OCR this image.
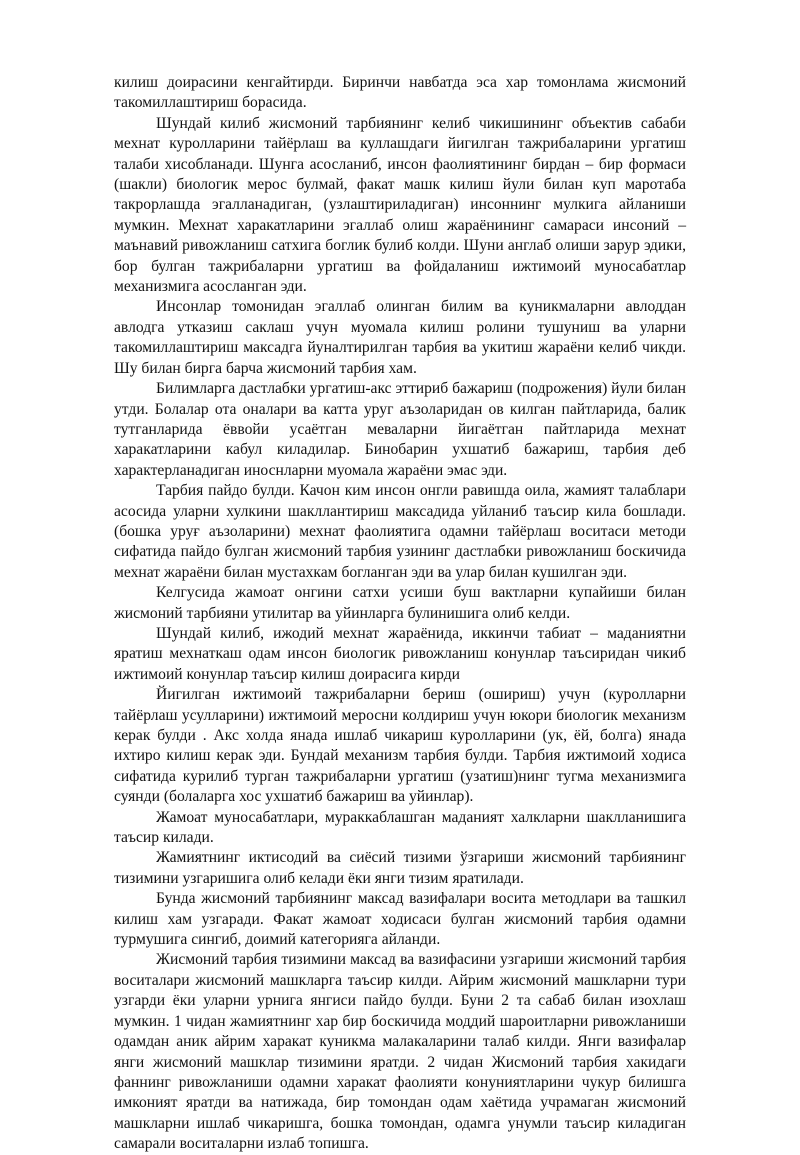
килиш доирасини кенгайтирди. Биринчи навбатда эса хар томонлама жисмоний такомиллаштириш борасида.

Шундай килиб жисмоний тарбиянинг келиб чикишининг объектив сабаби мехнат куролларини тайёрлаш ва куллашдаги йигилган тажрибаларини ургатиш талаби хисобланади. Шунга асосланиб, инсон фаолиятининг бирдан – бир формаси (шакли) биологик мерос булмай, факат машк килиш йули билан куп маротаба такрорлашда эгалланадиган, (узлаштириладиган) инсоннинг мулкига айланиши мумкин. Мехнат харакатларини эгаллаб олиш жараёнининг самараси инсоний – маънавий ривожланиш сатхига боглик булиб колди. Шуни англаб олиши зарур эдики, бор булган тажрибаларни ургатиш ва фойдаланиш ижтимоий муносабатлар механизмига асосланган эди.

Инсонлар томонидан эгаллаб олинган билим ва куникмаларни авлоддан авлодга утказиш саклаш учун муомала килиш ролини тушуниш ва уларни такомиллаштириш максадга йуналтирилган тарбия ва укитиш жараёни келиб чикди. Шу билан бирга барча жисмоний тарбия хам.

Билимларга дастлабки ургатиш-акс эттириб бажариш (подрожения) йули билан утди. Болалар ота оналари ва катта уруг аъзоларидан ов килган пайтларида, балик тутганларида ёввойи усаётган меваларни йигаётган пайтларида мехнат харакатларини кабул киладилар. Бинобарин ухшатиб бажариш, тарбия деб характерланадиган иноснларни муомала жараёни эмас эди.

Тарбия пайдо булди. Качон ким инсон онгли равишда оила, жамият талаблари асосида уларни хулкини шакллантириш максадида уйланиб таъсир кила бошлади. (бошка уруғ аъзоларини) мехнат фаолиятига одамни тайёрлаш воситаси методи сифатида пайдо булган жисмоний тарбия узининг дастлабки ривожланиш боскичида мехнат жараёни билан мустахкам богланган эди ва улар билан кушилган эди.

Келгусида жамоат онгини сатхи усиши буш вактларни купайиши билан жисмоний тарбияни утилитар ва уйинларга булинишига олиб келди.

Шундай килиб, ижодий мехнат жараёнида, иккинчи табиат – маданиятни яратиш мехнаткаш одам инсон биологик ривожланиш конунлар таъсиридан чикиб ижтимоий конунлар таъсир килиш доирасига кирди

Йигилган ижтимоий тажрибаларни бериш (ошириш) учун (куролларни тайёрлаш усулларини) ижтимоий меросни колдириш учун юкори биологик механизм керак булди . Акс холда янада ишлаб чикариш куролларини (ук, ёй, болга) янада ихтиро килиш керак эди. Бундай механизм тарбия булди. Тарбия ижтимоий ходиса сифатида курилиб турган тажрибаларни ургатиш (узатиш)нинг тугма механизмига суянди (болаларга хос ухшатиб бажариш ва уйинлар).

Жамоат муносабатлари, мураккаблашган маданият халкларни шаклланишига таъсир килади.

Жамиятнинг иктисодий ва сиёсий тизими ўзгариши жисмоний тарбиянинг тизимини узгаришига олиб келади ёки янги тизим яратилади.

Бунда жисмоний тарбиянинг максад вазифалари восита методлари ва ташкил килиш хам узгаради. Факат жамоат ходисаси булган жисмоний тарбия одамни турмушига сингиб, доимий категорияга айланди.

Жисмоний тарбия тизимини максад ва вазифасини узгариши жисмоний тарбия воситалари жисмоний машкларга таъсир килди. Айрим жисмоний машкларни тури узгарди ёки уларни урнига янгиси пайдо булди. Буни 2 та сабаб билан изохлаш мумкин. 1 чидан жамиятнинг хар бир боскичида моддий шароитларни ривожланиши одамдан аник айрим харакат куникма малакаларини талаб килди. Янги вазифалар янги жисмоний машклар тизимини яратди. 2 чидан Жисмоний тарбия хакидаги фаннинг ривожланиши одамни харакат фаолияти конуниятларини чукур билишга имконият яратди ва натижада, бир томондан одам хаётида учрамаган жисмоний машкларни ишлаб чикаришга, бошка томондан, одамга унумли таъсир киладиган самарали воситаларни излаб топишга.
